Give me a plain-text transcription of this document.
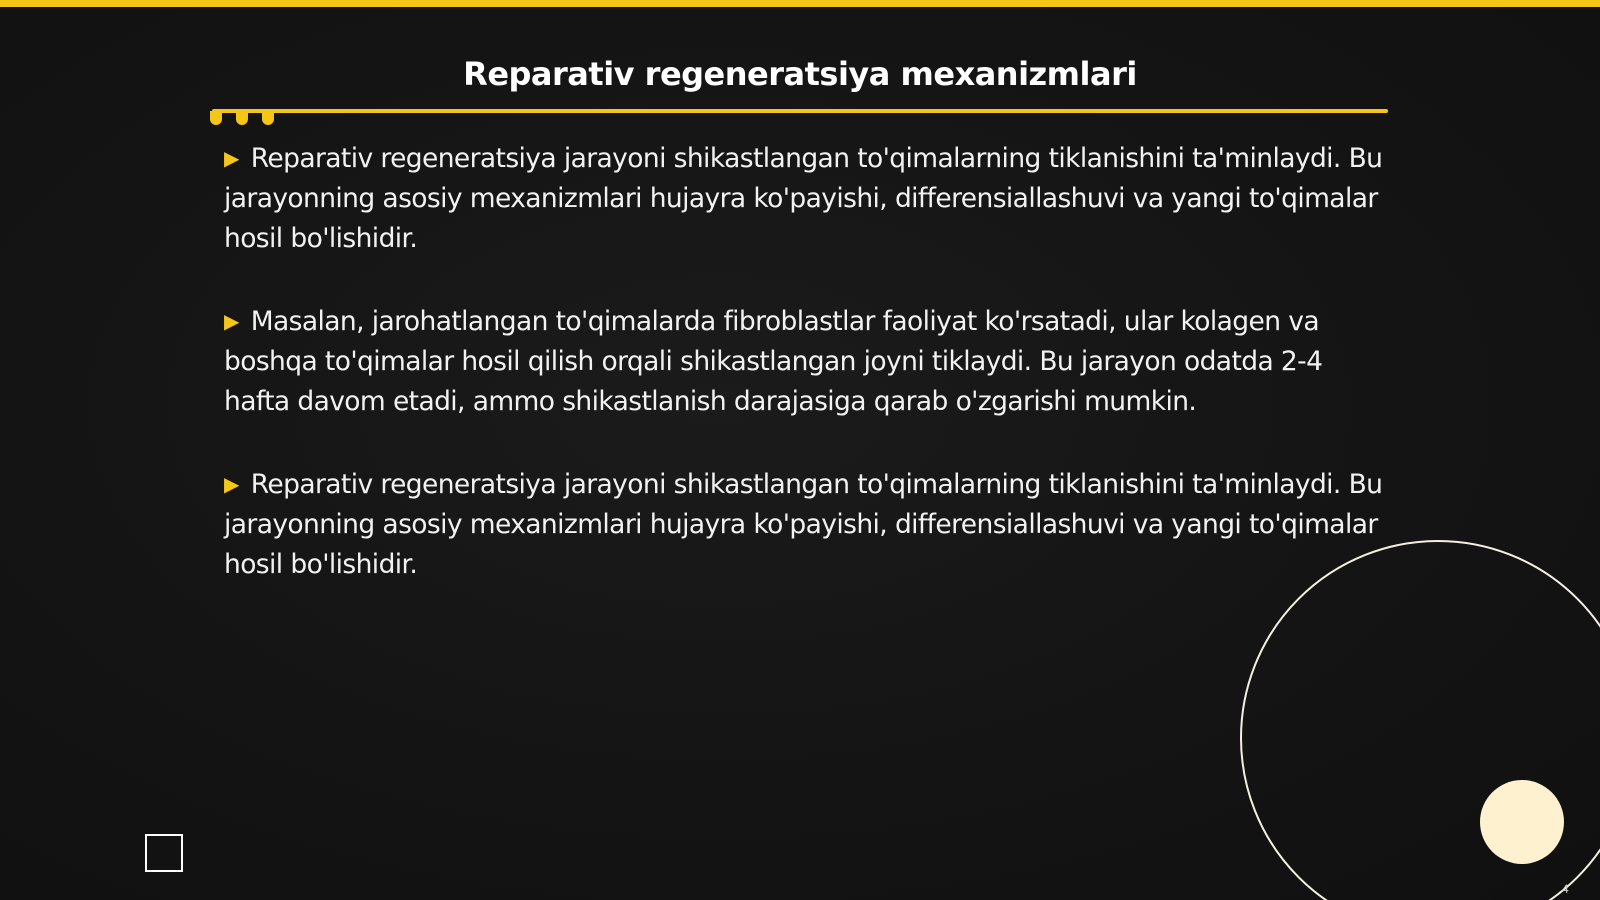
Reparativ regeneratsiya mexanizmlari

▶ Reparativ regeneratsiya jarayoni shikastlangan to'qimalarning tiklanishini ta'minlaydi. Bu jarayonning asosiy mexanizmlari hujayra ko'payishi, differensiallashuvi va yangi to'qimalar hosil bo'lishidir.

▶ Masalan, jarohatlangan to'qimalarda fibroblastlar faoliyat ko'rsatadi, ular kolagen va boshqa to'qimalar hosil qilish orqali shikastlangan joyni tiklaydi. Bu jarayon odatda 2-4 hafta davom etadi, ammo shikastlanish darajasiga qarab o'zgarishi mumkin.

▶ Reparativ regeneratsiya jarayoni shikastlangan to'qimalarning tiklanishini ta'minlaydi. Bu jarayonning asosiy mexanizmlari hujayra ko'payishi, differensiallashuvi va yangi to'qimalar hosil bo'lishidir.

4
